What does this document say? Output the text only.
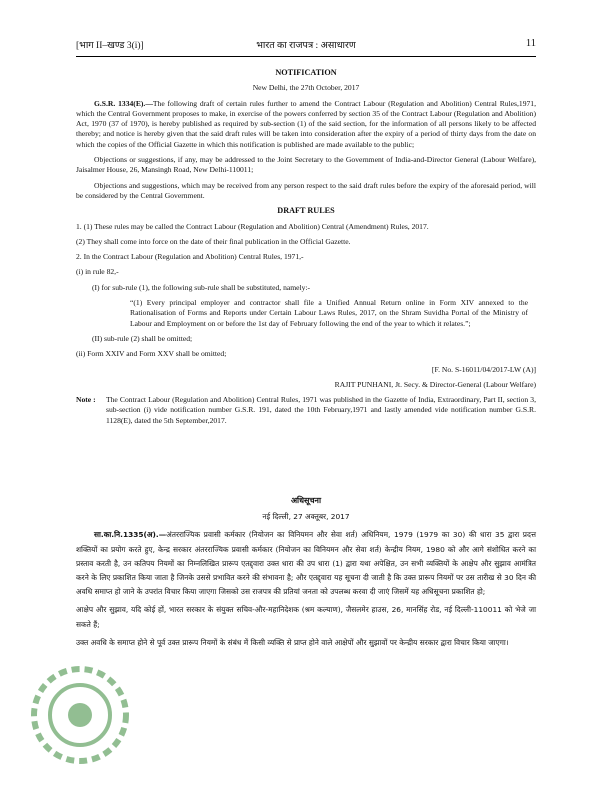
[भाग II–खण्ड 3(i)]	भारत का राजपत्र : असाधारण	11

NOTIFICATION

New Delhi, the 27th October, 2017

G.S.R. 1334(E).—The following draft of certain rules further to amend the Contract Labour (Regulation and Abolition) Central Rules,1971, which the Central Government proposes to make, in exercise of the powers conferred by section 35 of the Contract Labour (Regulation and Abolition) Act, 1970 (37 of 1970), is hereby published as required by sub-section (1) of the said section, for the information of all persons likely to be affected thereby; and notice is hereby given that the said draft rules will be taken into consideration after the expiry of a period of thirty days from the date on which the copies of the Official Gazette in which this notification is published are made available to the public;

Objections or suggestions, if any, may be addressed to the Joint Secretary to the Government of India-and-Director General (Labour Welfare), Jaisalmer House, 26, Mansingh Road, New Delhi-110011;

Objections and suggestions, which may be received from any person respect to the said draft rules before the expiry of the aforesaid period, will be considered by the Central Government.

DRAFT RULES

1. (1) These rules may be called the Contract Labour (Regulation and Abolition) Central (Amendment) Rules, 2017.

(2) They shall come into force on the date of their final publication in the Official Gazette.

2. In the Contract Labour (Regulation and Abolition) Central Rules, 1971,-

(i) in rule 82,-

(I) for sub-rule (1), the following sub-rule shall be substituted, namely:-

“(1) Every principal employer and contractor shall file a Unified Annual Return online in Form XIV annexed to the Rationalisation of Forms and Reports under Certain Labour Laws Rules, 2017, on the Shram Suvidha Portal of the Ministry of Labour and Employment on or before the 1st day of February following the end of the year to which it relates.”;

(II) sub-rule (2) shall be omitted;

(ii) Form XXIV and Form XXV shall be omitted;

[F. No. S-16011/04/2017-LW (A)]

RAJIT PUNHANI, Jt. Secy. & Director-General (Labour Welfare)

Note :	The Contract Labour (Regulation and Abolition) Central Rules, 1971 was published in the Gazette of India, Extraordinary, Part II, section 3, sub-section (i) vide notification number G.S.R. 191, dated the 10th February,1971 and lastly amended vide notification number G.S.R. 1128(E), dated the 5th September,2017.

अधिसूचना

नई दिल्ली, 27 अक्तूबर, 2017

सा.का.नि.1335(अ).—अंतरराज्यिक प्रवासी कर्मकार (नियोजन का विनियमन और सेवा शर्त) अधिनियम, 1979 (1979 का 30) की धारा 35 द्वारा प्रदत्त शक्तियों का प्रयोग करते हुए, केन्द्र सरकार अंतरराज्यिक प्रवासी कर्मकार (नियोजन का विनियमन और सेवा शर्त) केन्द्रीय नियम, 1980 को और आगे संशोधित करने का प्रस्ताव करती है, उन कतिपय नियमों का निम्नलिखित प्रारूप एतद्द्वारा उक्त धारा की उप धारा (1) द्वारा यथा अपेक्षित, उन सभी व्यक्तियों के आक्षेप और सुझाव आमंत्रित करने के लिए प्रकाशित किया जाता है जिनके उससे प्रभावित करने की संभावना है; और एतद्द्वारा यह सूचना दी जाती है कि उक्त प्रारूप नियमों पर उस तारीख से 30 दिन की अवधि समाप्त हो जाने के उपरांत विचार किया जाएगा जिसको उस राजपत्र की प्रतियां जनता को उपलब्ध करवा दी जाएं जिसमें यह अधिसूचना प्रकाशित हो;

आक्षेप और सुझाव, यदि कोई हों, भारत सरकार के संयुक्त सचिव-और-महानिदेशक (श्रम कल्याण), जैसलमेर हाउस, 26, मानसिंह रोड, नई दिल्ली-110011 को भेजे जा सकते हैं;

उक्त अवधि के समाप्त होने से पूर्व उक्त प्रारूप नियमों के संबंध में किसी व्यक्ति से प्राप्त होने वाले आक्षेपों और सुझावों पर केन्द्रीय सरकार द्वारा विचार किया जाएगा।
